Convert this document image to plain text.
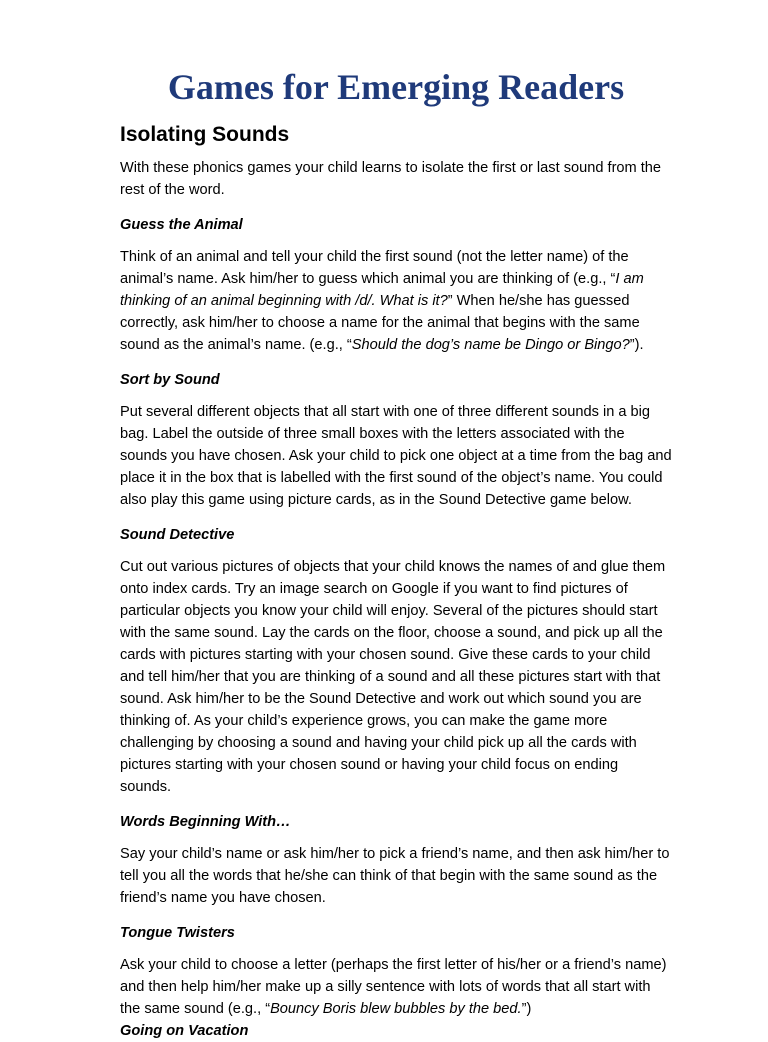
Games for Emerging Readers
Isolating Sounds

With these phonics games your child learns to isolate the first or last sound from the rest of the word.

Guess the Animal

Think of an animal and tell your child the first sound (not the letter name) of the animal’s name. Ask him/her to guess which animal you are thinking of (e.g., “I am thinking of an animal beginning with /d/. What is it?” When he/she has guessed correctly, ask him/her to choose a name for the animal that begins with the same sound as the animal’s name. (e.g., “Should the dog’s name be Dingo or Bingo?”).

Sort by Sound

Put several different objects that all start with one of three different sounds in a big bag. Label the outside of three small boxes with the letters associated with the sounds you have chosen. Ask your child to pick one object at a time from the bag and place it in the box that is labelled with the first sound of the object’s name. You could also play this game using picture cards, as in the Sound Detective game below.

Sound Detective

Cut out various pictures of objects that your child knows the names of and glue them onto index cards. Try an image search on Google if you want to find pictures of particular objects you know your child will enjoy. Several of the pictures should start with the same sound. Lay the cards on the floor, choose a sound, and pick up all the cards with pictures starting with your chosen sound. Give these cards to your child and tell him/her that you are thinking of a sound and all these pictures start with that sound. Ask him/her to be the Sound Detective and work out which sound you are thinking of. As your child’s experience grows, you can make the game more challenging by choosing a sound and having your child pick up all the cards with pictures starting with your chosen sound or having your child focus on ending sounds.

Words Beginning With…

Say your child’s name or ask him/her to pick a friend’s name, and then ask him/her to tell you all the words that he/she can think of that begin with the same sound as the friend’s name you have chosen.

Tongue Twisters

Ask your child to choose a letter (perhaps the first letter of his/her or a friend’s name) and then help him/her make up a silly sentence with lots of words that all start with the same sound (e.g., “Bouncy Boris blew bubbles by the bed.”)

Going on Vacation
